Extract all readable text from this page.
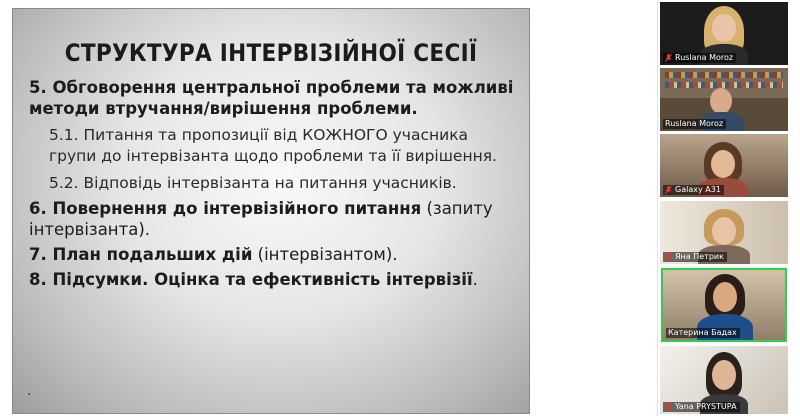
СТРУКТУРА ІНТЕРВІЗІЙНОЇ СЕСІЇ
5. Обговорення центральної проблеми та можливі методи втручання/вирішення проблеми.
5.1. Питання та пропозиції від КОЖНОГО учасника групи до інтервізанта щодо проблеми та її вирішення.
5.2. Відповідь інтервізанта на питання учасників.
6. Повернення до інтервізійного питання (запиту інтервізанта).
7. План подальших дій (інтервізантом).
8. Підсумки. Оцінка та ефективність інтервізії.
.
Ruslana Moroz
Ruslana Moroz
Galaxy A31
Яна Петрик
Катерина Бадах
Yana PRYSTUPA
